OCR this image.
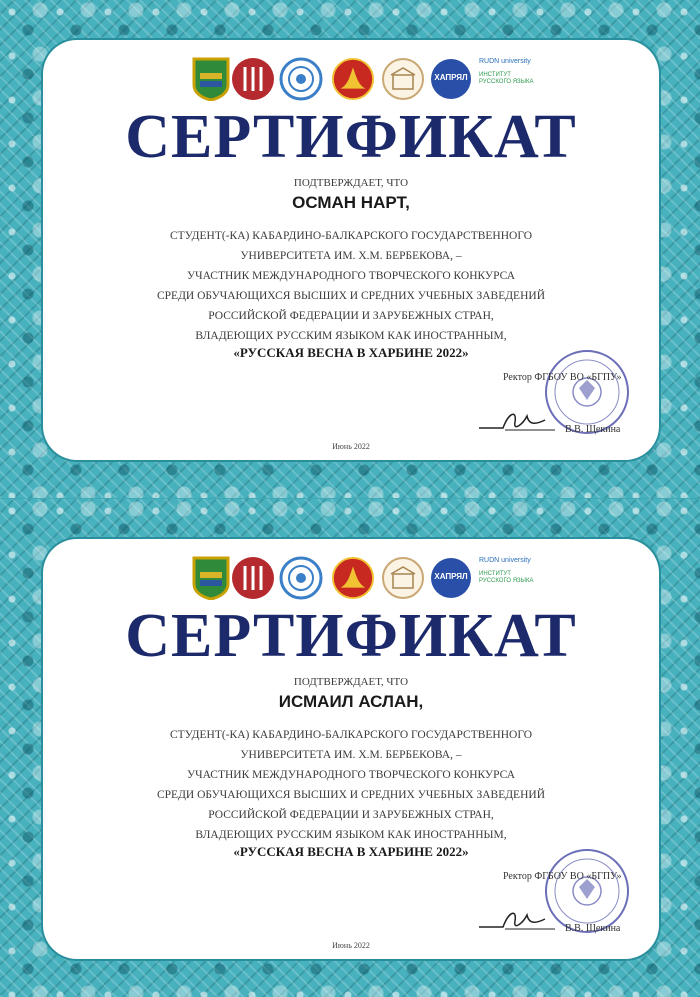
ХАПРЯЛ
RUDN university
ИНСТИТУТ РУССКОГО ЯЗЫКА
СЕРТИФИКАТ
ПОДТВЕРЖДАЕТ, ЧТО
ОСМАН НАРТ,
СТУДЕНТ(-КА) КАБАРДИНО-БАЛКАРСКОГО ГОСУДАРСТВЕННОГО
УНИВЕРСИТЕТА ИМ. Х.М. БЕРБЕКОВА, –
УЧАСТНИК МЕЖДУНАРОДНОГО ТВОРЧЕСКОГО КОНКУРСА
СРЕДИ ОБУЧАЮЩИХСЯ ВЫСШИХ И СРЕДНИХ УЧЕБНЫХ ЗАВЕДЕНИЙ
РОССИЙСКОЙ ФЕДЕРАЦИИ И ЗАРУБЕЖНЫХ СТРАН,
ВЛАДЕЮЩИХ РУССКИМ ЯЗЫКОМ КАК ИНОСТРАННЫМ,
«РУССКАЯ ВЕСНА В ХАРБИНЕ 2022»
Ректор ФГБОУ ВО «БГПУ»
В.В. Щекина
Июнь 2022
ХАПРЯЛ
RUDN university
ИНСТИТУТ РУССКОГО ЯЗЫКА
СЕРТИФИКАТ
ПОДТВЕРЖДАЕТ, ЧТО
ИСМАИЛ АСЛАН,
СТУДЕНТ(-КА) КАБАРДИНО-БАЛКАРСКОГО ГОСУДАРСТВЕННОГО
УНИВЕРСИТЕТА ИМ. Х.М. БЕРБЕКОВА, –
УЧАСТНИК МЕЖДУНАРОДНОГО ТВОРЧЕСКОГО КОНКУРСА
СРЕДИ ОБУЧАЮЩИХСЯ ВЫСШИХ И СРЕДНИХ УЧЕБНЫХ ЗАВЕДЕНИЙ
РОССИЙСКОЙ ФЕДЕРАЦИИ И ЗАРУБЕЖНЫХ СТРАН,
ВЛАДЕЮЩИХ РУССКИМ ЯЗЫКОМ КАК ИНОСТРАННЫМ,
«РУССКАЯ ВЕСНА В ХАРБИНЕ 2022»
Ректор ФГБОУ ВО «БГПУ»
В.В. Щекина
Июнь 2022
